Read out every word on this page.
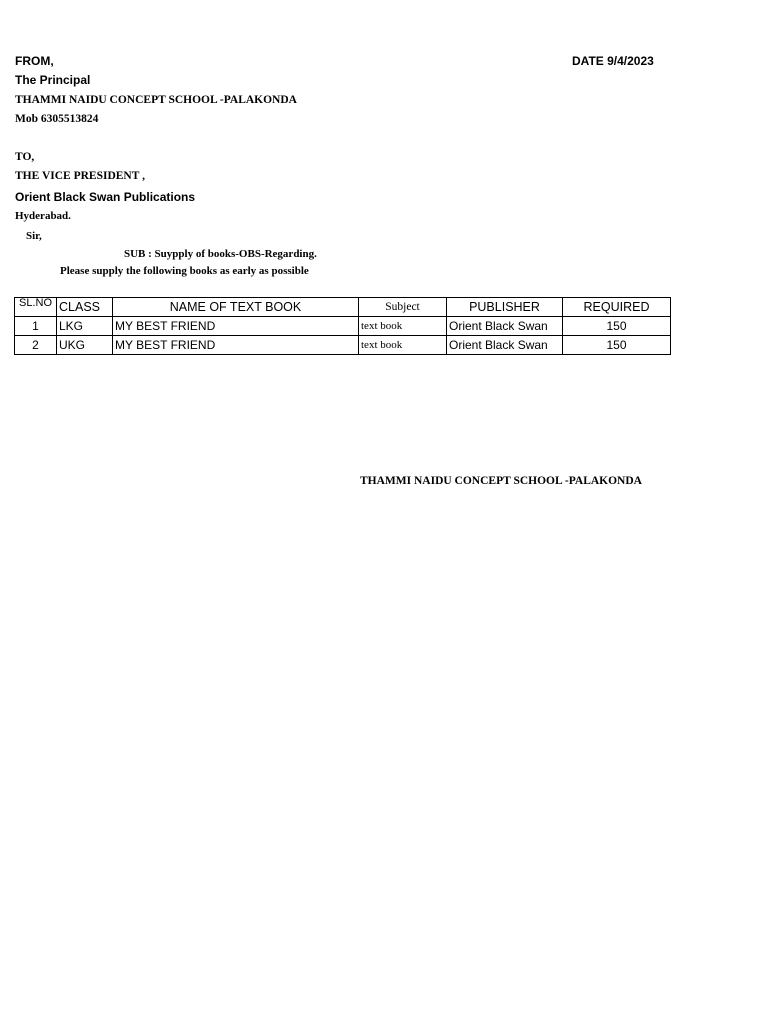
FROM,	DATE 9/4/2023
The Principal
THAMMI NAIDU CONCEPT SCHOOL -PALAKONDA
Mob 6305513824
TO,
THE VICE PRESIDENT ,
Orient Black Swan Publications
Hyderabad.
Sir,
SUB : Suypply of books-OBS-Regarding.
Please supply the following books as early as possible
SL.NO	CLASS	NAME OF TEXT BOOK	Subject	PUBLISHER	REQUIRED
1	LKG	MY BEST FRIEND	text book	Orient Black Swan	150
2	UKG	MY BEST FRIEND	text book	Orient Black Swan	150
THAMMI NAIDU CONCEPT SCHOOL -PALAKONDA
